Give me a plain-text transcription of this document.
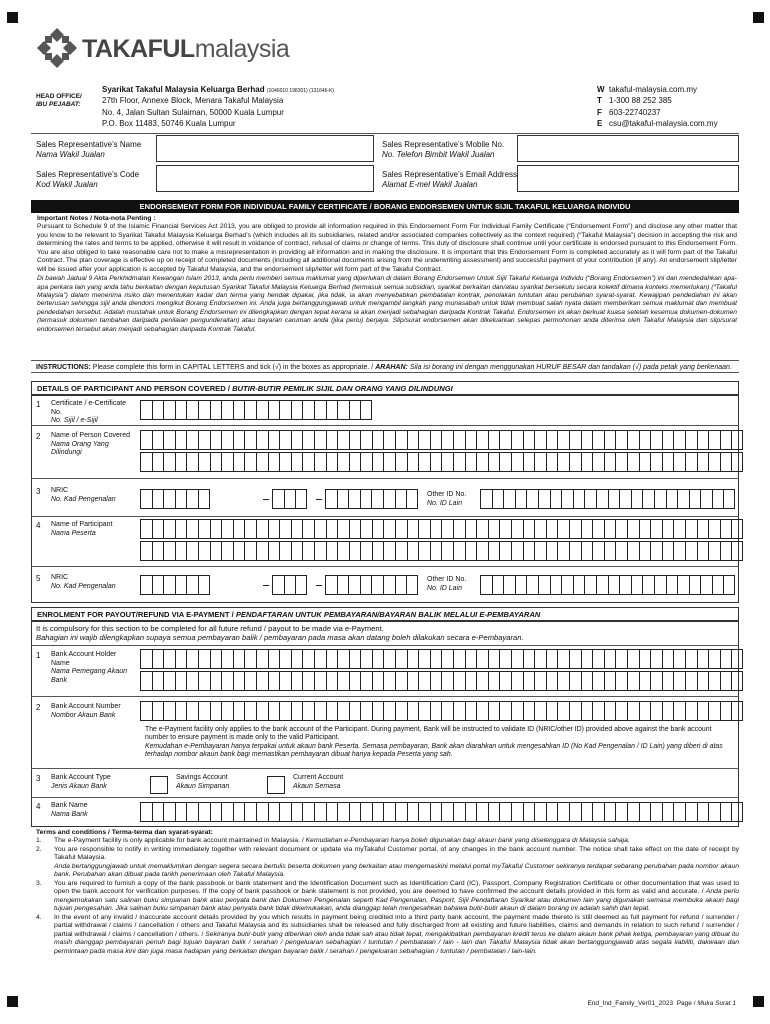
TAKAFULmalaysia
HEAD OFFICE/
IBU PEJABAT:
Syarikat Takaful Malaysia Keluarga Berhad (1046010 198301) (131646-K)
27th Floor, Annexe Block, Menara Takaful Malaysia
No. 4, Jalan Sultan Sulaiman, 50000 Kuala Lumpur
P.O. Box 11483, 50746 Kuala Lumpur
W takaful-malaysia.com.my
T 1-300 88 252 385
F 603-22740237
E csu@takaful-malaysia.com.my
Sales Representative’s Name
Nama Wakil Jualan
Sales Representative’s Mobile No.
No. Telefon Bimbit Wakil Jualan
Sales Representative’s Code
Kod Wakil Jualan
Sales Representative’s Email Address
Alamat E-mel Wakil Jualan
ENDORSEMENT FORM FOR INDIVIDUAL FAMILY CERTIFICATE / BORANG ENDORSEMEN UNTUK SIJIL TAKAFUL KELUARGA INDIVIDU
Important Notes / Nota-nota Penting :
Pursuant to Schedule 9 of the Islamic Financial Services Act 2013, you are obliged to provide all information required in this Endorsement Form For Individual Family Certificate (“Endorsement Form”) and disclose any other matter that you know to be relevant to Syarikat Takaful Malaysia Keluarga Berhad’s (which includes all its subsidiaries, related and/or associated companies collectively as the context required) (“Takaful Malaysia”) decision in accepting the risk and determining the rates and terms to be applied, otherwise it will result in voidance of contract, refusal of claims or change of terms. This duty of disclosure shall continue until your certificate is endorsed pursuant to this Endorsement Form. You are also obliged to take reasonable care not to make a misrepresentation in providing all information and in making the disclosure. It is important that this Endorsement Form is completed accurately as it will form part of the Takaful Contract. The plan coverage is effective up on receipt of completed documents (including all additional documents arising from the underwriting assessment) and successful payment of your contribution (if any). An endorsement slip/letter will be issued after your application is accepted by Takaful Malaysia, and the endorsement slip/letter will form part of the Takaful Contract.
Di bawah Jadual 9 Akta Perkhidmatan Kewangan Islam 2013, anda perlu memberi semua maklumat yang diperlukan di dalam Borang Endorsemen Untuk Sijil Takaful Keluarga Individu (“Borang Endorsemen”) ini dan mendedahkan apa-apa perkara lain yang anda tahu berkaitan dengan keputusan Syarikat Takaful Malaysia Keluarga Berhad (termasuk semua subsidiari, syarikat berkaitan dan/atau syarikat bersekutu secara kolektif dimana konteks memerlukan) (“Takaful Malaysia”) dalam menerima risiko dan menentukan kadar dan terma yang hendak dipakai, jika tidak, ia akan menyebabkan pembatalan kontrak, penolakan tuntutan atau perubahan syarat-syarat. Kewajipan pendedahan ini akan berterusan sehingga sijil anda diendors mengikut Borang Endorsemen ini. Anda juga bertanggungjawab untuk mengambil langkah yang munasabah untuk tidak membuat salah nyata dalam memberikan semua maklumat dan membuat pendedahan tersebut. Adalah mustahak untuk Borang Endorsemen ini dilengkapkan dengan tepat kerana ia akan menjadi sebahagian daripada Kontrak Takaful. Endorsemen ini akan berkuat kuasa setelah kesemua dokumen-dokumen (termasuk dokumen tambahan daripada penilaian pengunderaitan) atau bayaran caruman anda (jika perlu) berjaya. Slip/surat endorsemen akan dikeluarkan selepas permohonan anda diterima oleh Takaful Malaysia dan slip/surat endorsemen tersebut akan menjadi sebahagian daripada Kontrak Takaful.
INSTRUCTIONS: Please complete this form in CAPITAL LETTERS and tick (√) in the boxes as appropriate. / ARAHAN: Sila isi borang ini dengan menggunakan HURUF BESAR dan tandakan (√) pada petak yang berkenaan.
DETAILS OF PARTICIPANT AND PERSON COVERED / BUTIR-BUTIR PEMILIK SIJIL DAN ORANG YANG DILINDUNGI
1 Certificate / e-Certificate No.
No. Sijil / e-Sijil
2 Name of Person Covered
Nama Orang Yang Dilindungi
3 NRIC
No. Kad Pengenalan
Other ID No.
No. ID Lain
4 Name of Participant
Nama Peserta
5 NRIC
No. Kad Pengenalan
Other ID No.
No. ID Lain
ENROLMENT FOR PAYOUT/REFUND VIA E-PAYMENT / PENDAFTARAN UNTUK PEMBAYARAN/BAYARAN BALIK MELALUI E-PEMBAYARAN
It is compulsory for this section to be completed for all future refund / payout to be made via e-Payment.
Bahagian ini wajib dilengkapkan supaya semua pembayaran balik / pembayaran pada masa akan datang boleh dilakukan secara e-Pembayaran.
1 Bank Account Holder Name
Nama Pemegang Akaun Bank
2 Bank Account Number
Nombor Akaun Bank
The e-Payment facility only applies to the bank account of the Participant. During payment, Bank will be instructed to validate ID (NRIC/other ID) provided above against the bank account number to ensure payment is made only to the valid Participant.
Kemudahan e-Pembayaran hanya terpakai untuk akaun bank Peserta. Semasa pembayaran, Bank akan diarahkan untuk mengesahkan ID (No Kad Pengenalan / ID Lain) yang diberi di atas terhadap nombor akaun bank bagi memastikan pembayaran dibuat hanya kepada Peserta yang sah.
3 Bank Account Type
Jenis Akaun Bank
Savings Account
Akaun Simpanan
Current Account
Akaun Semasa
4 Bank Name
Nama Bank
Terms and conditions / Terma-terma dan syarat-syarat:
1.	The e-Payment facility is only applicable for bank account maintained in Malaysia. / Kemudahan e-Pembayaran hanya boleh digunakan bagi akaun bank yang diselenggara di Malaysia sahaja.
2.	You are responsible to notify in writing immediately together with relevant document or update via myTakaful Customer portal, of any changes in the bank account number. The notice shall take effect on the date of receipt by Takaful Malaysia.
Anda bertanggungjawab untuk memaklumkan dengan segera secara bertulis beserta dokumen yang berkaitan atau mengemaskini melalui portal myTakaful Customer sekiranya terdapat sebarang perubahan pada nombor akaun bank. Perubahan akan dibuat pada tarikh penerimaan oleh Takaful Malaysia.
3.	You are required to furnish a copy of the bank passbook or bank statement and the Identification Document such as Identification Card (IC), Passport, Company Registration Certificate or other documentation that was used to open the bank account for verification purposes. If the copy of bank passbook or bank statement is not provided, you are deemed to have confirmed the account details provided in this form as valid and accurate. / Anda perlu mengemukakan satu salinan buku simpanan bank atau penyata bank dan Dokumen Pengenalan seperti Kad Pengenalan, Pasport, Sijil Pendaftaran Syarikat atau dokumen lain yang digunakan semasa membuka akaun bagi tujuan pengesahan. Jika salinan buku simpanan bank atau penyata bank tidak dikemukakan, anda dianggap telah mengesahkan bahawa butir-butir akaun di dalam borang ini adalah sahih dan tepat.
4.	In the event of any invalid / inaccurate account details provided by you which results in payment being credited into a third party bank account, the payment made thereto is still deemed as full payment for refund / surrender / partial withdrawal / claims / cancellation / others and Takaful Malaysia and its subsidiaries shall be released and fully discharged from all existing and future liabilities, claims and demands in relation to such refund / surrender / partial withdrawal / claims / cancellation / others. / Sekiranya butir-butir yang diberikan oleh anda tidak sah atau tidak tepat, mengakibatkan pembayaran kredit terus ke dalam akaun bank pihak ketiga, pembayaran yang dibuat itu masih dianggap pembayaran penuh bagi tujuan bayaran balik / serahan / pengeluaran sebahagian / tuntutan / pembatalan / lain - lain dan Takaful Malaysia tidak akan bertanggungjawab atas segala liabiliti, dakwaan dan permintaan pada masa kini dan juga masa hadapan yang berkaitan dengan bayaran balik / serahan / pengeluaran sebahagian / tuntutan / pembatalan / lain-lain.
End_Ind_Family_Ver01_2023 Page / Muka Surat 1
